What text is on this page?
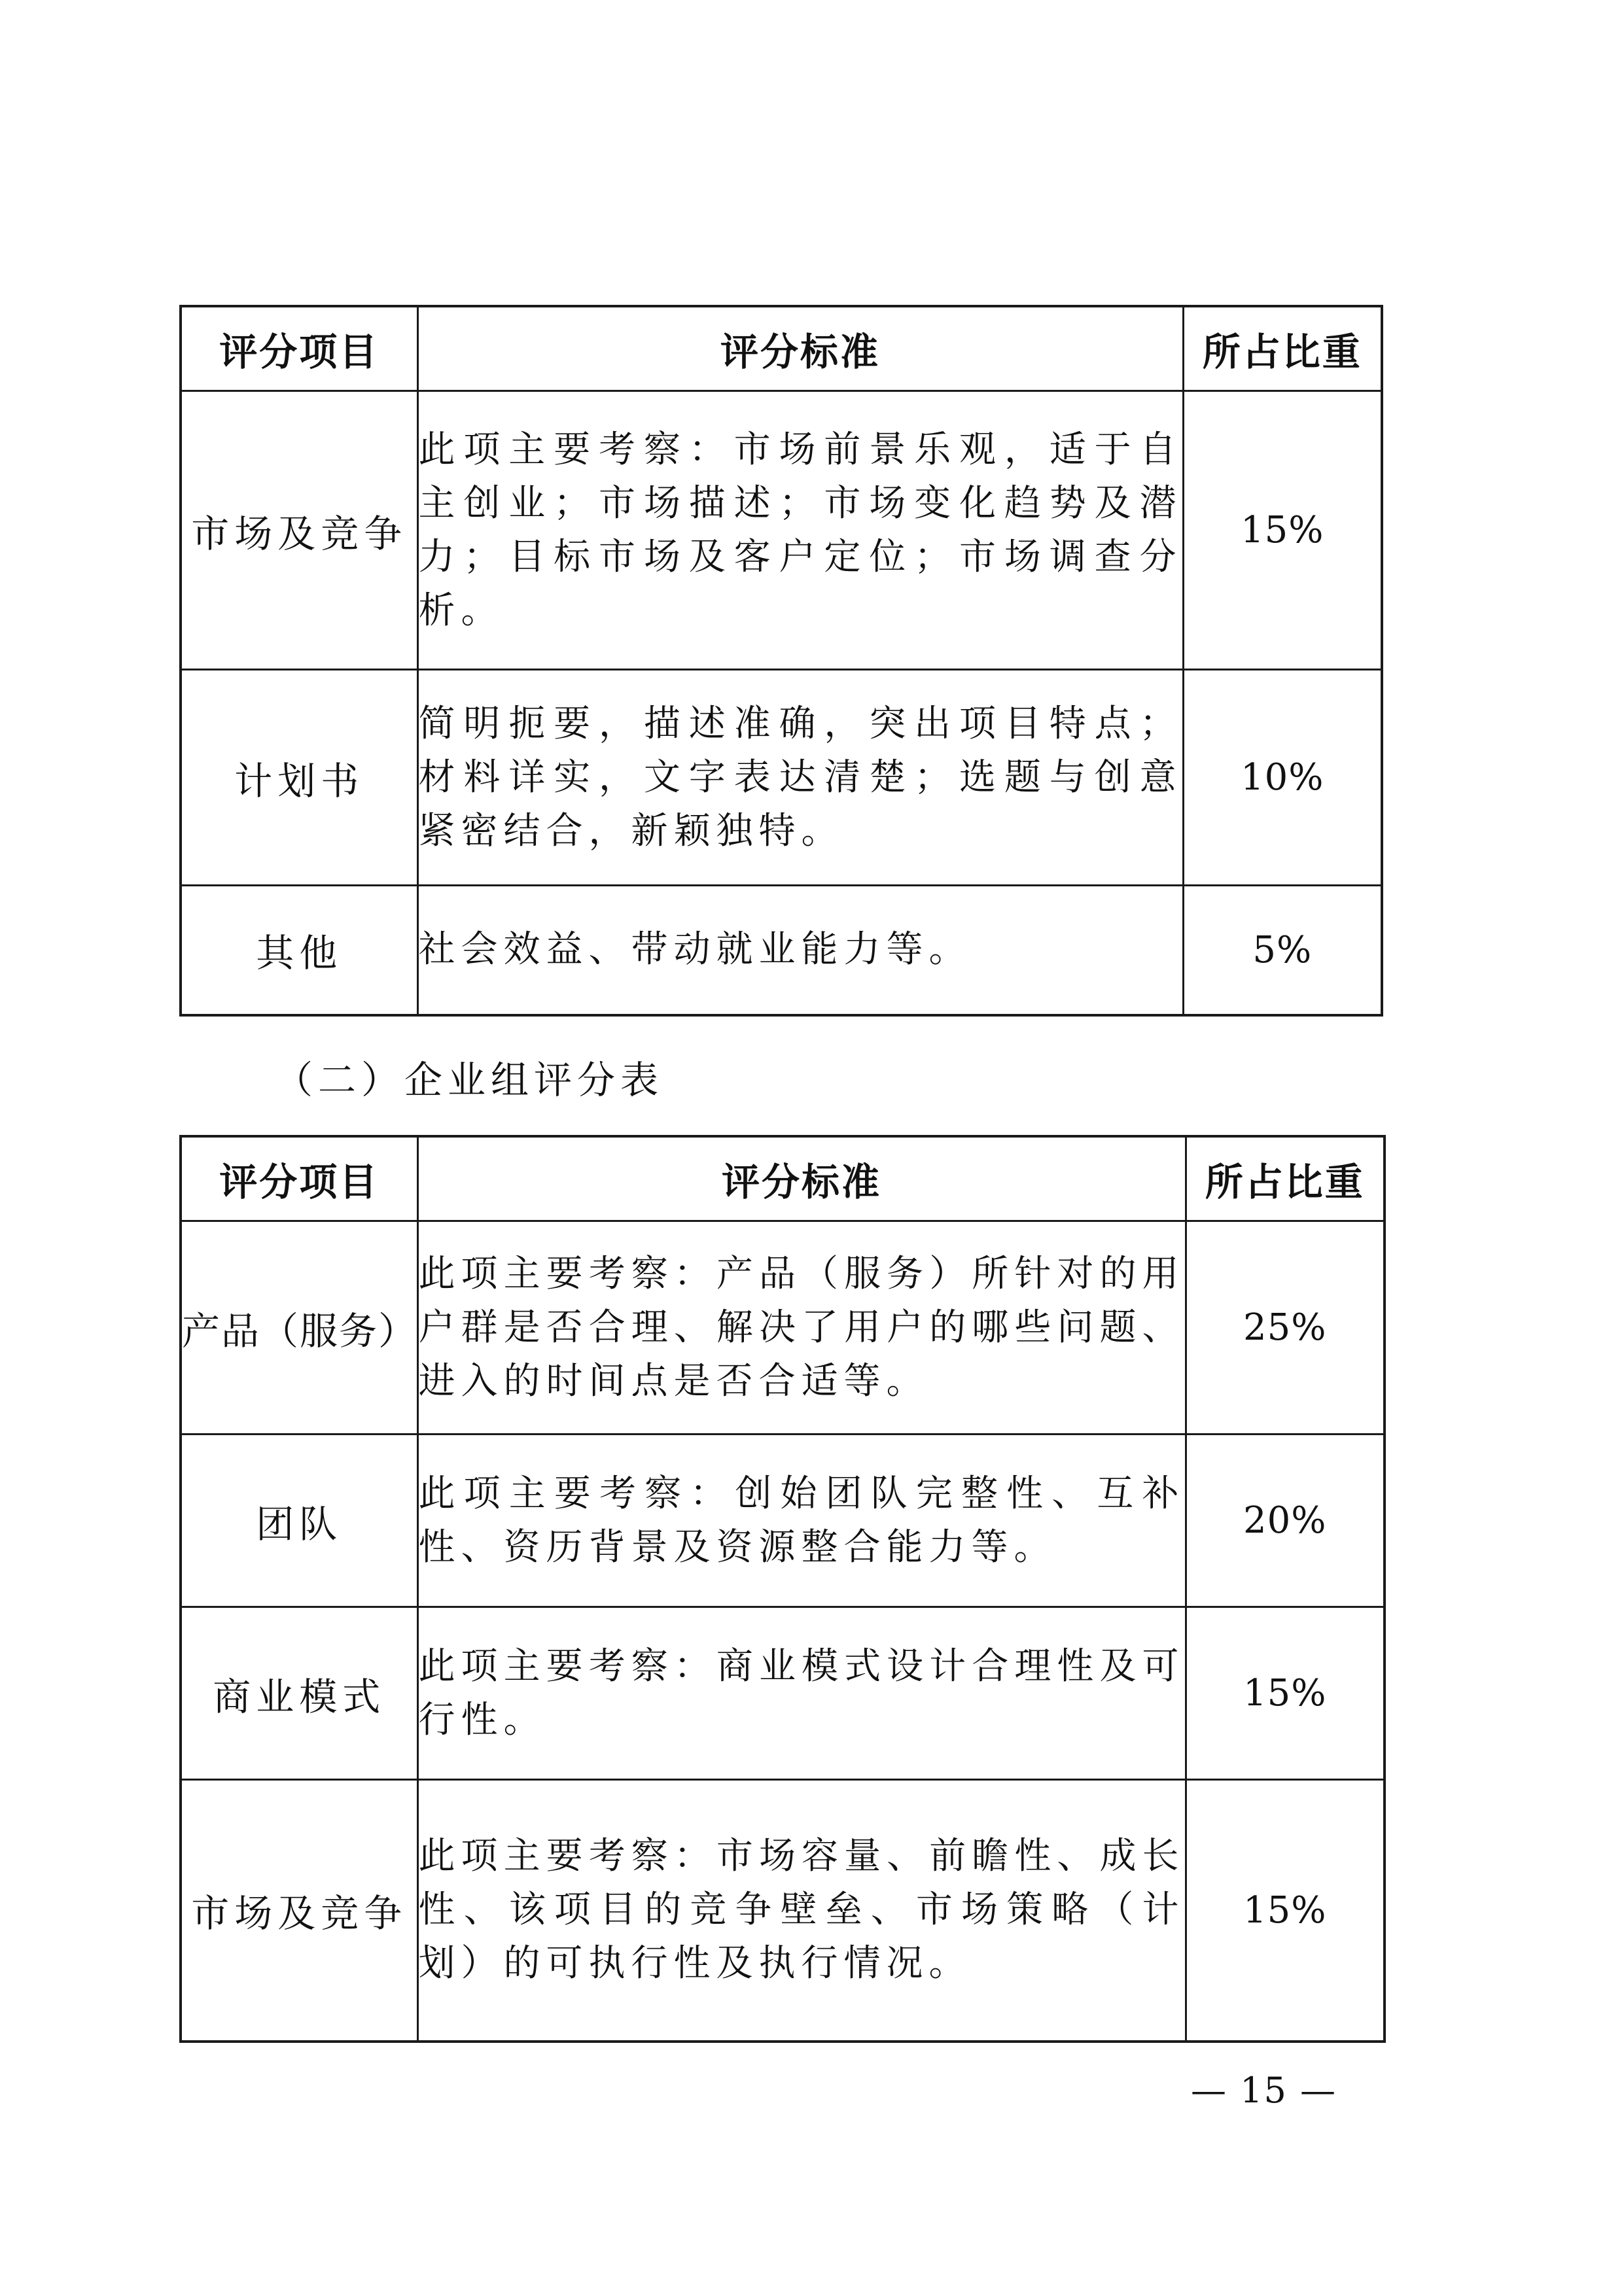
评分项目	评分标准	所占比重
市场及竞争	此项主要考察：市场前景乐观，适于自主创业；市场描述；市场变化趋势及潜力；目标市场及客户定位；市场调查分析。	15%
计划书	简明扼要，描述准确，突出项目特点；材料详实，文字表达清楚；选题与创意紧密结合，新颖独特。	10%
其他	社会效益、带动就业能力等。	5%
（二）企业组评分表
评分项目	评分标准	所占比重
产品（服务）	此项主要考察：产品（服务）所针对的用户群是否合理、解决了用户的哪些问题、进入的时间点是否合适等。	25%
团队	此项主要考察：创始团队完整性、互补性、资历背景及资源整合能力等。	20%
商业模式	此项主要考察：商业模式设计合理性及可行性。	15%
市场及竞争	此项主要考察：市场容量、前瞻性、成长性、该项目的竞争壁垒、市场策略（计划）的可执行性及执行情况。	15%
— 15 —
